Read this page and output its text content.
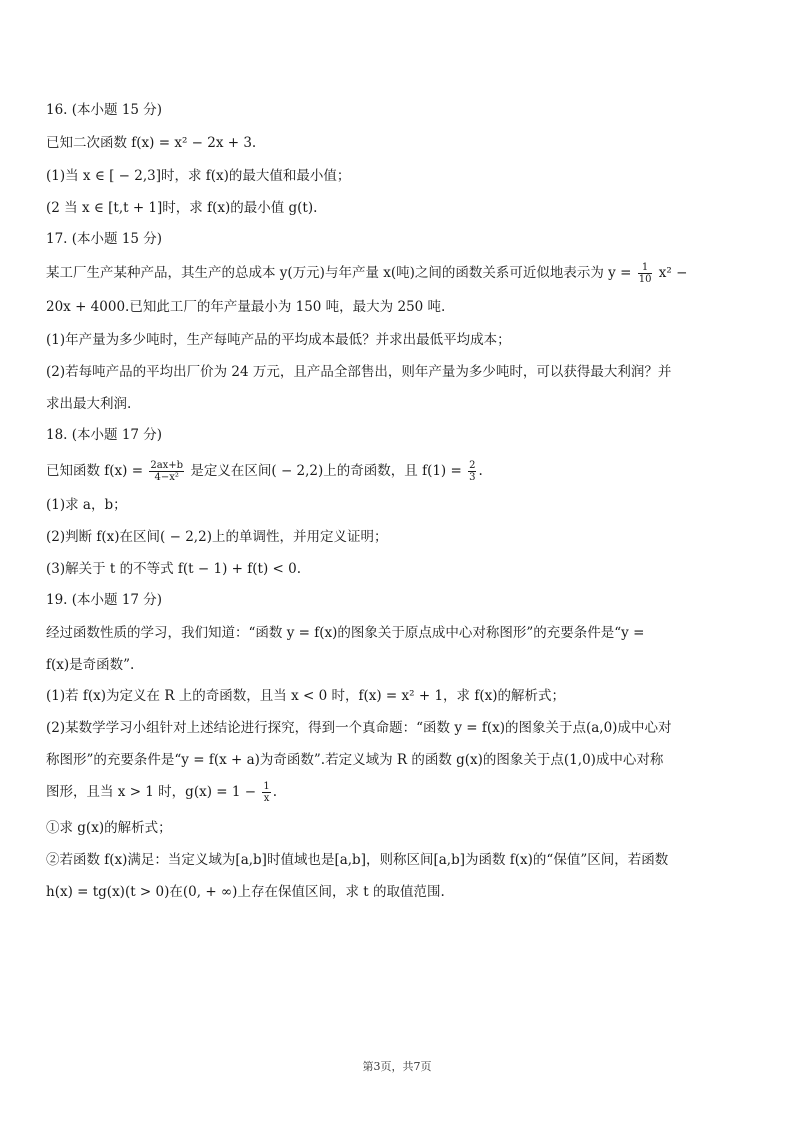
16. (本小题 15 分)
已知二次函数 f(x) = x² − 2x + 3.
(1)当 x ∈ [ − 2,3]时，求 f(x)的最大值和最小值；
(2 当 x ∈ [t,t + 1]时，求 f(x)的最小值 g(t).
17. (本小题 15 分)
某工厂生产某种产品，其生产的总成本 y(万元)与年产量 x(吨)之间的函数关系可近似地表示为 $y = \frac{1}{10} x^2$ −
20x + 4000.已知此工厂的年产量最小为 150 吨，最大为 250 吨.
(1)年产量为多少吨时，生产每吨产品的平均成本最低？并求出最低平均成本；
(2)若每吨产品的平均出厂价为 24 万元，且产品全部售出，则年产量为多少吨时，可以获得最大利润？并
求出最大利润.
18. (本小题 17 分)
已知函数 $f(x) = \frac{2ax+b}{\text{4−x²}}$ 是定义在区间( − 2,2)上的奇函数，且 $f(1) = \frac{2}{3}$ .
(1)求 a，b；
(2)判断 f(x)在区间( − 2,2)上的单调性，并用定义证明；
(3)解关于 t 的不等式 f(t − 1) + f(t) < 0.
19. (本小题 17 分)
经过函数性质的学习，我们知道：“函数 y = f(x)的图象关于原点成中心对称图形”的充要条件是“y =
f(x)是奇函数”.
(1)若 f(x)为定义在 R 上的奇函数，且当 x < 0 时，f(x) = x² + 1，求 f(x)的解析式；
(2)某数学学习小组针对上述结论进行探究，得到一个真命题：“函数 y = f(x)的图象关于点(a,0)成中心对
称图形”的充要条件是“y = f(x + a)为奇函数”.若定义域为 R 的函数 g(x)的图象关于点(1,0)成中心对称
图形，且当 x > 1 时，$g(x) = 1 - \frac{1}{x}$ .
①求 g(x)的解析式；
②若函数 f(x)满足：当定义域为[a,b]时值域也是[a,b]，则称区间[a,b]为函数 f(x)的“保值”区间，若函数
h(x) = tg(x)(t > 0)在(0, + ∞)上存在保值区间，求 t 的取值范围.
第3页，共7页
